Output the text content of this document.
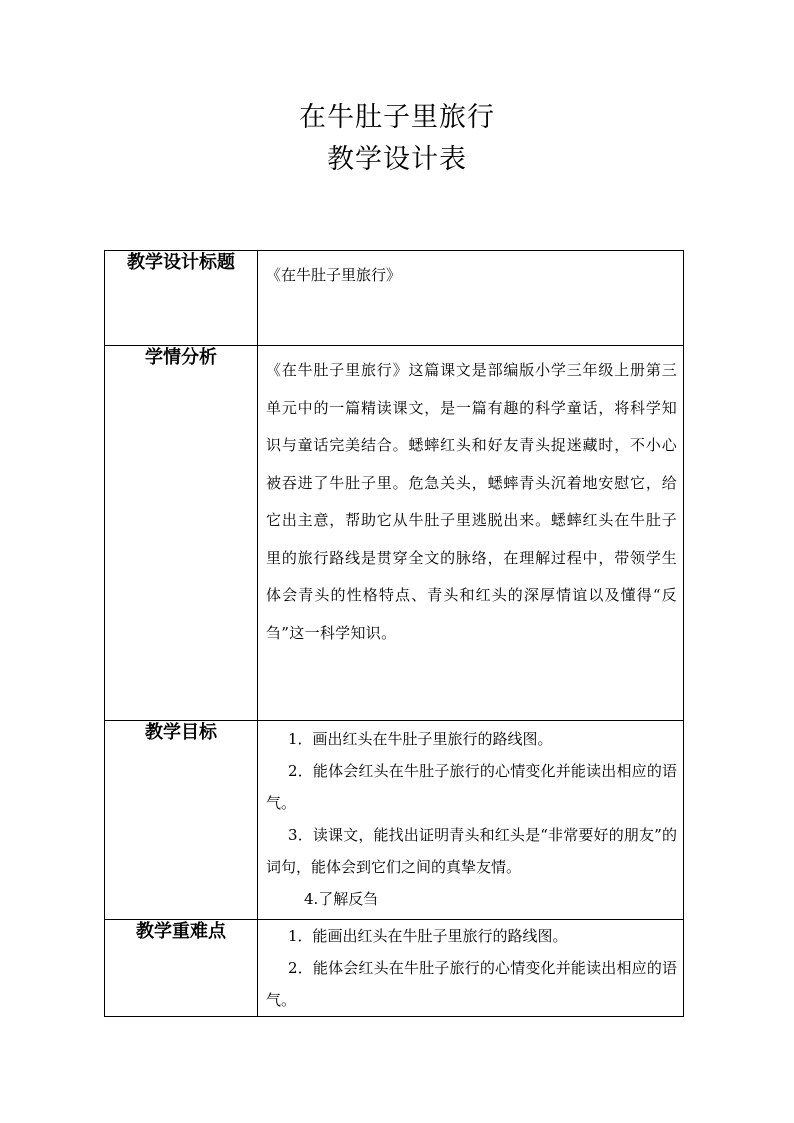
在牛肚子里旅行
教学设计表
教学设计标题	《在牛肚子里旅行》
学情分析	《在牛肚子里旅行》这篇课文是部编版小学三年级上册第三单元中的一篇精读课文，是一篇有趣的科学童话，将科学知识与童话完美结合。蟋蟀红头和好友青头捉迷藏时，不小心被吞进了牛肚子里。危急关头，蟋蟀青头沉着地安慰它，给它出主意，帮助它从牛肚子里逃脱出来。蟋蟀红头在牛肚子里的旅行路线是贯穿全文的脉络，在理解过程中，带领学生体会青头的性格特点、青头和红头的深厚情谊以及懂得“反刍”这一科学知识。

教学目标	1．画出红头在牛肚子里旅行的路线图。

2．能体会红头在牛肚子旅行的心情变化并能读出相应的语气。

3．读课文，能找出证明青头和红头是“非常要好的朋友”的词句，能体会到它们之间的真挚友情。

4.了解反刍

教学重难点	1．能画出红头在牛肚子里旅行的路线图。

2．能体会红头在牛肚子旅行的心情变化并能读出相应的语气。
